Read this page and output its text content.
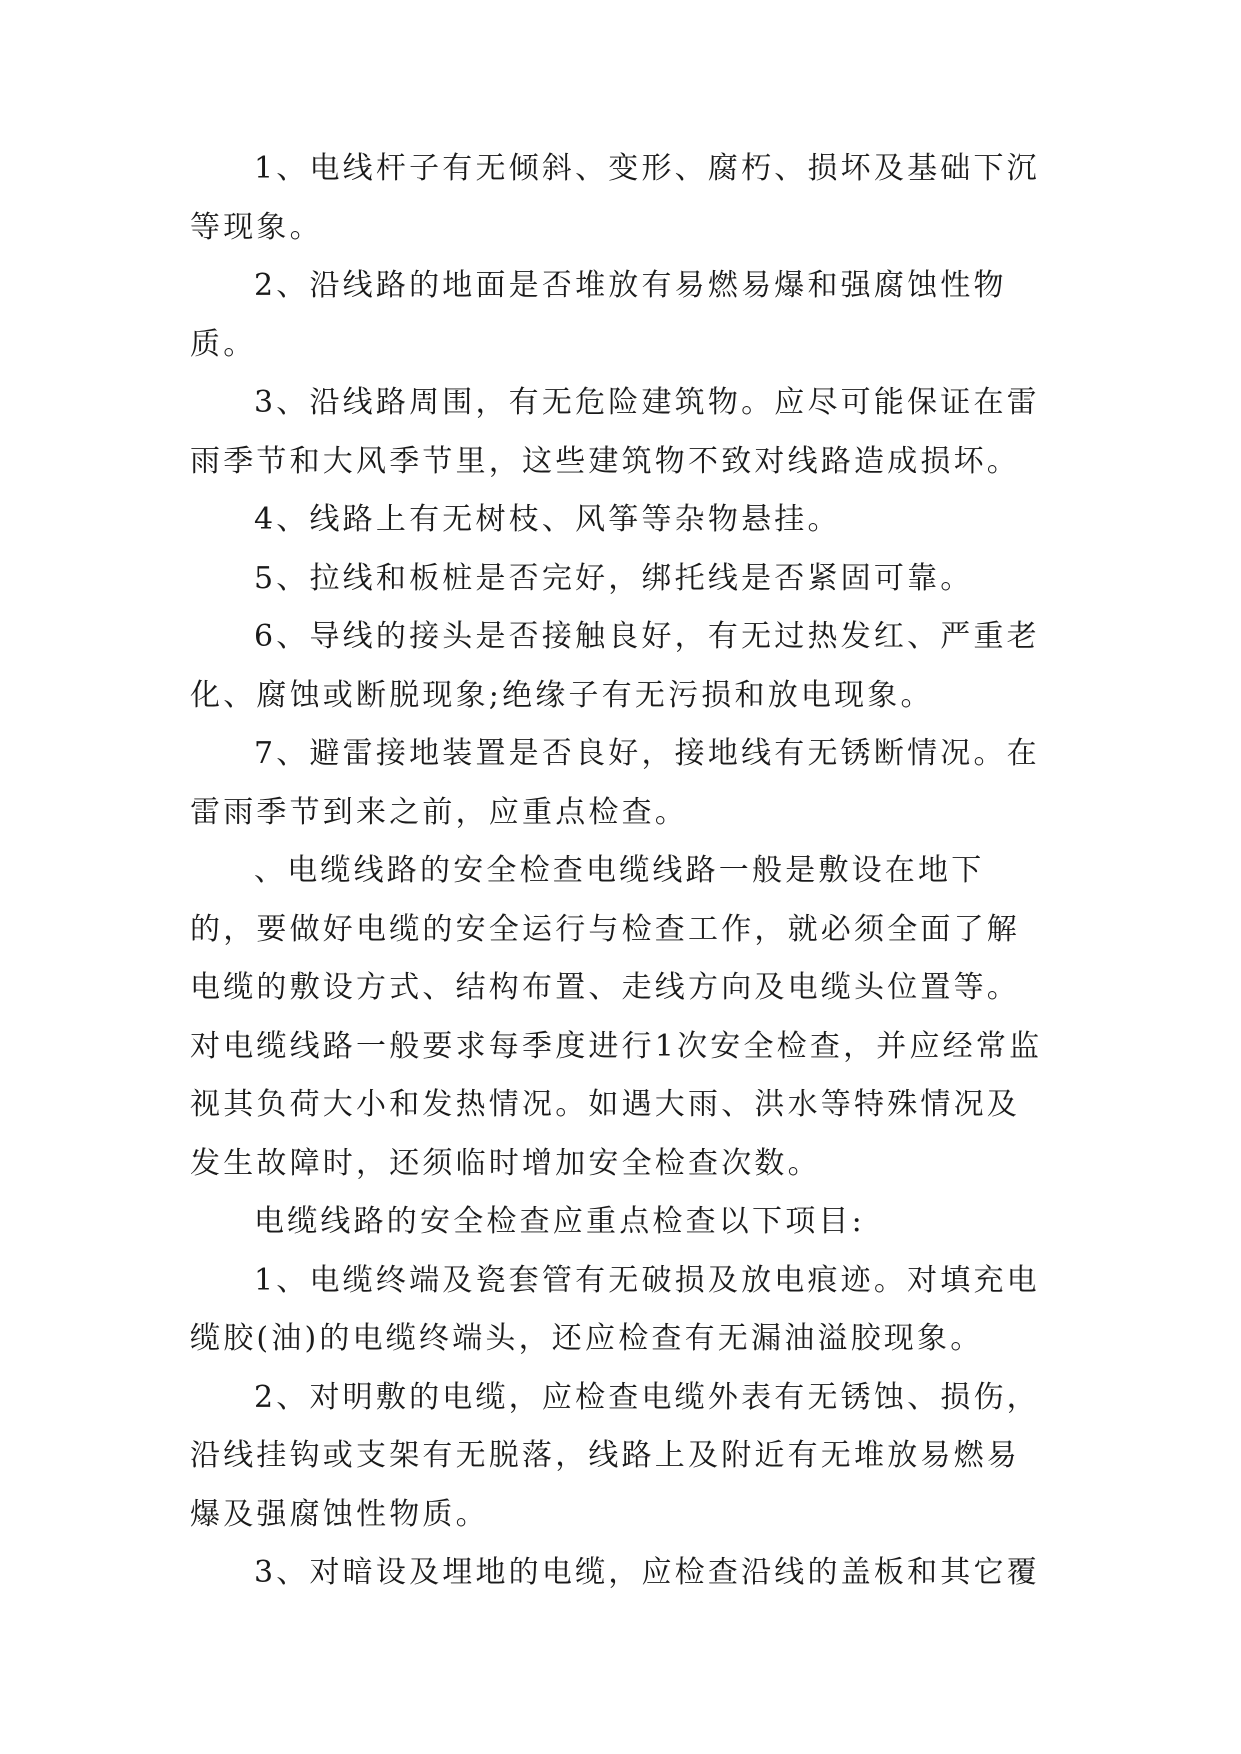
1、电线杆子有无倾斜、变形、腐朽、损坏及基础下沉等现象。

2、沿线路的地面是否堆放有易燃易爆和强腐蚀性物质。

3、沿线路周围，有无危险建筑物。应尽可能保证在雷雨季节和大风季节里，这些建筑物不致对线路造成损坏。

4、线路上有无树枝、风筝等杂物悬挂。

5、拉线和板桩是否完好，绑托线是否紧固可靠。

6、导线的接头是否接触良好，有无过热发红、严重老化、腐蚀或断脱现象;绝缘子有无污损和放电现象。

7、避雷接地装置是否良好，接地线有无锈断情况。在雷雨季节到来之前，应重点检查。

、电缆线路的安全检查电缆线路一般是敷设在地下的，要做好电缆的安全运行与检查工作，就必须全面了解电缆的敷设方式、结构布置、走线方向及电缆头位置等。对电缆线路一般要求每季度进行1次安全检查，并应经常监视其负荷大小和发热情况。如遇大雨、洪水等特殊情况及发生故障时，还须临时增加安全检查次数。

电缆线路的安全检查应重点检查以下项目:

1、电缆终端及瓷套管有无破损及放电痕迹。对填充电缆胶(油)的电缆终端头，还应检查有无漏油溢胶现象。

2、对明敷的电缆，应检查电缆外表有无锈蚀、损伤，沿线挂钩或支架有无脱落，线路上及附近有无堆放易燃易爆及强腐蚀性物质。

3、对暗设及埋地的电缆，应检查沿线的盖板和其它覆
